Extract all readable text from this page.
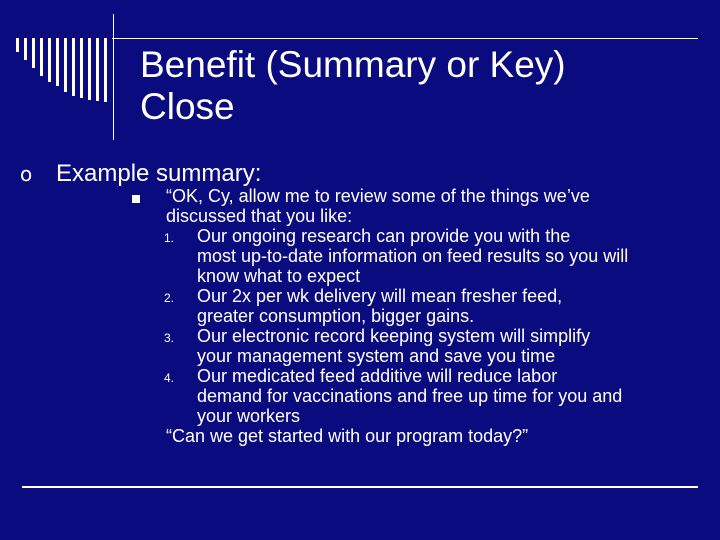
Benefit (Summary or Key)
Close
o Example summary:

“OK, Cy, allow me to review some of the things we’ve

discussed that you like:

1. Our ongoing research can provide you with the
most up-to-date information on feed results so you will
know what to expect
2. Our 2x per wk delivery will mean fresher feed,
greater consumption, bigger gains.
3. Our electronic record keeping system will simplify
your management system and save you time
4. Our medicated feed additive will reduce labor
demand for vaccinations and free up time for you and
your workers

“Can we get started with our program today?”
